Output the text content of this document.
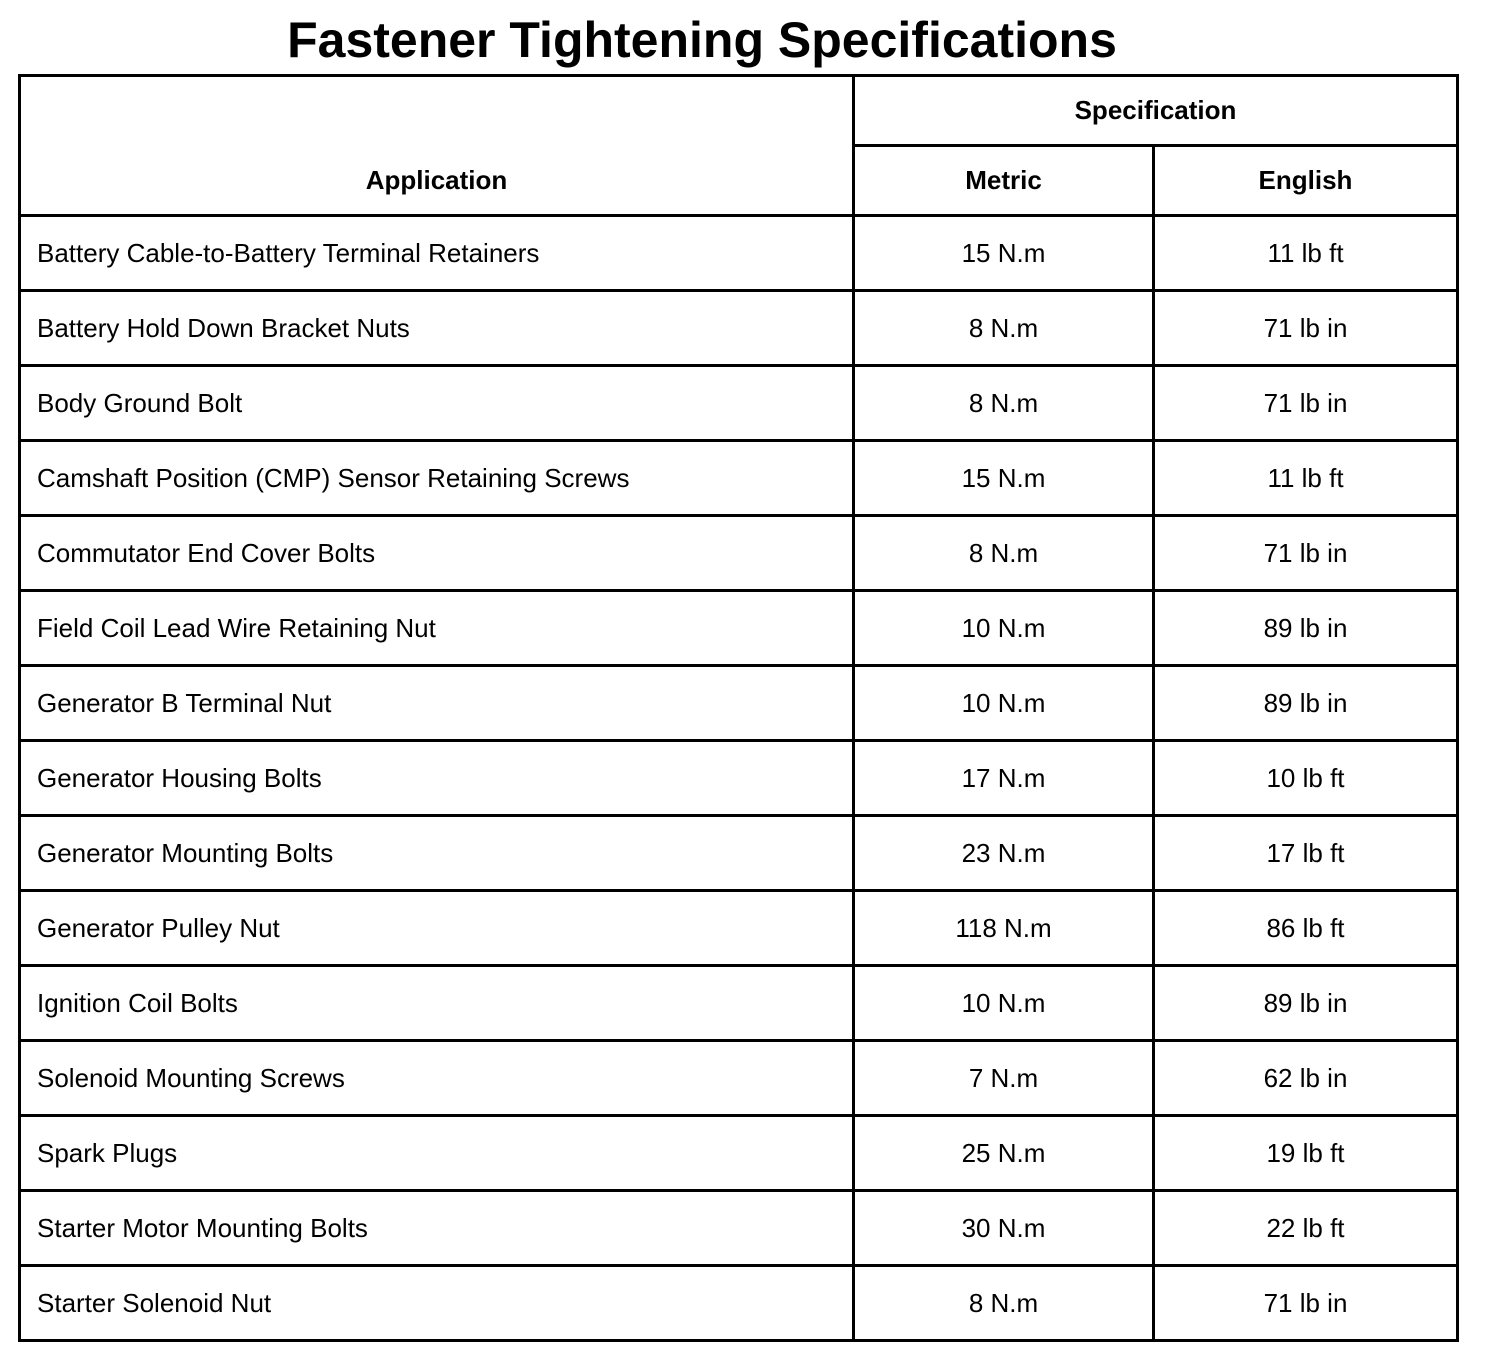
Fastener Tightening Specifications
Application	Specification	
	Metric	English
Battery Cable-to-Battery Terminal Retainers	15 N.m	11 lb ft
Battery Hold Down Bracket Nuts	8 N.m	71 lb in
Body Ground Bolt	8 N.m	71 lb in
Camshaft Position (CMP) Sensor Retaining Screws	15 N.m	11 lb ft
Commutator End Cover Bolts	8 N.m	71 lb in
Field Coil Lead Wire Retaining Nut	10 N.m	89 lb in
Generator B Terminal Nut	10 N.m	89 lb in
Generator Housing Bolts	17 N.m	10 lb ft
Generator Mounting Bolts	23 N.m	17 lb ft
Generator Pulley Nut	118 N.m	86 lb ft
Ignition Coil Bolts	10 N.m	89 lb in
Solenoid Mounting Screws	7 N.m	62 lb in
Spark Plugs	25 N.m	19 lb ft
Starter Motor Mounting Bolts	30 N.m	22 lb ft
Starter Solenoid Nut	8 N.m	71 lb in
